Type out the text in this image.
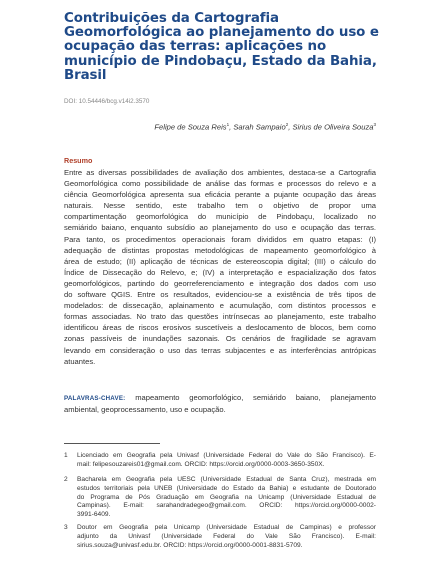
Contribuições da Cartografia
Geomorfológica ao planejamento do uso e
ocupação das terras: aplicações no
município de Pindobaçu, Estado da Bahia,
Brasil
DOI: 10.54446/bcg.v14i2.3570
Felipe de Souza Reis$^1$, Sarah Sampaio$^2$, Sirius de Oliveira Souza$^3$
Resumo
Entre as diversas possibilidades de avaliação dos ambientes, destaca-se a Cartografia
Geomorfológica como possibilidade de análise das formas e processos do relevo e a
ciência Geomorfológica apresenta sua eficácia perante a pujante ocupação das áreas
naturais. Nesse sentido, este trabalho tem o objetivo de propor uma
compartimentação geomorfológica do município de Pindobaçu, localizado no
semiárido baiano, enquanto subsídio ao planejamento do uso e ocupação das terras.
Para tanto, os procedimentos operacionais foram divididos em quatro etapas: (I)
adequação de distintas propostas metodológicas de mapeamento geomorfológico à
área de estudo; (II) aplicação de técnicas de estereoscopia digital; (III) o cálculo do
Índice de Dissecação do Relevo, e; (IV) a interpretação e espacialização dos fatos
geomorfológicos, partindo do georreferenciamento e integração dos dados com uso
do software QGIS. Entre os resultados, evidenciou-se a existência de três tipos de
modelados: de dissecação, aplainamento e acumulação, com distintos processos e
formas associadas. No trato das questões intrínsecas ao planejamento, este trabalho
identificou áreas de riscos erosivos suscetíveis a deslocamento de blocos, bem como
zonas passíveis de inundações sazonais. Os cenários de fragilidade se agravam
levando em consideração o uso das terras subjacentes e as interferências antrópicas
atuantes.
PALAVRAS-CHAVE: mapeamento geomorfológico, semiárido baiano, planejamento
ambiental, geoprocessamento, uso e ocupação.
1 Licenciado em Geografia pela Univasf (Universidade Federal do Vale do São Francisco). E-
mail: felipesouzareis01@gmail.com. ORCID: https://orcid.org/0000-0003-3650-350X.
2 Bacharela em Geografia pela UESC (Universidade Estadual de Santa Cruz), mestrada em
estudos territoriais pela UNEB (Universidade do Estado da Bahia) e estudante de Doutorado
do Programa de Pós Graduação em Geografia na Unicamp (Universidade Estadual de
Campinas). E-mail: sarahandradegeo@gmail.com. ORCID: https://orcid.org/0000-0002-
3991-6409.
3 Doutor em Geografia pela Unicamp (Universidade Estadual de Campinas) e professor
adjunto da Univasf (Universidade Federal do Vale São Francisco). E-mail:
sirius.souza@univasf.edu.br. ORCID: https://orcid.org/0000-0001-8831-5709.
